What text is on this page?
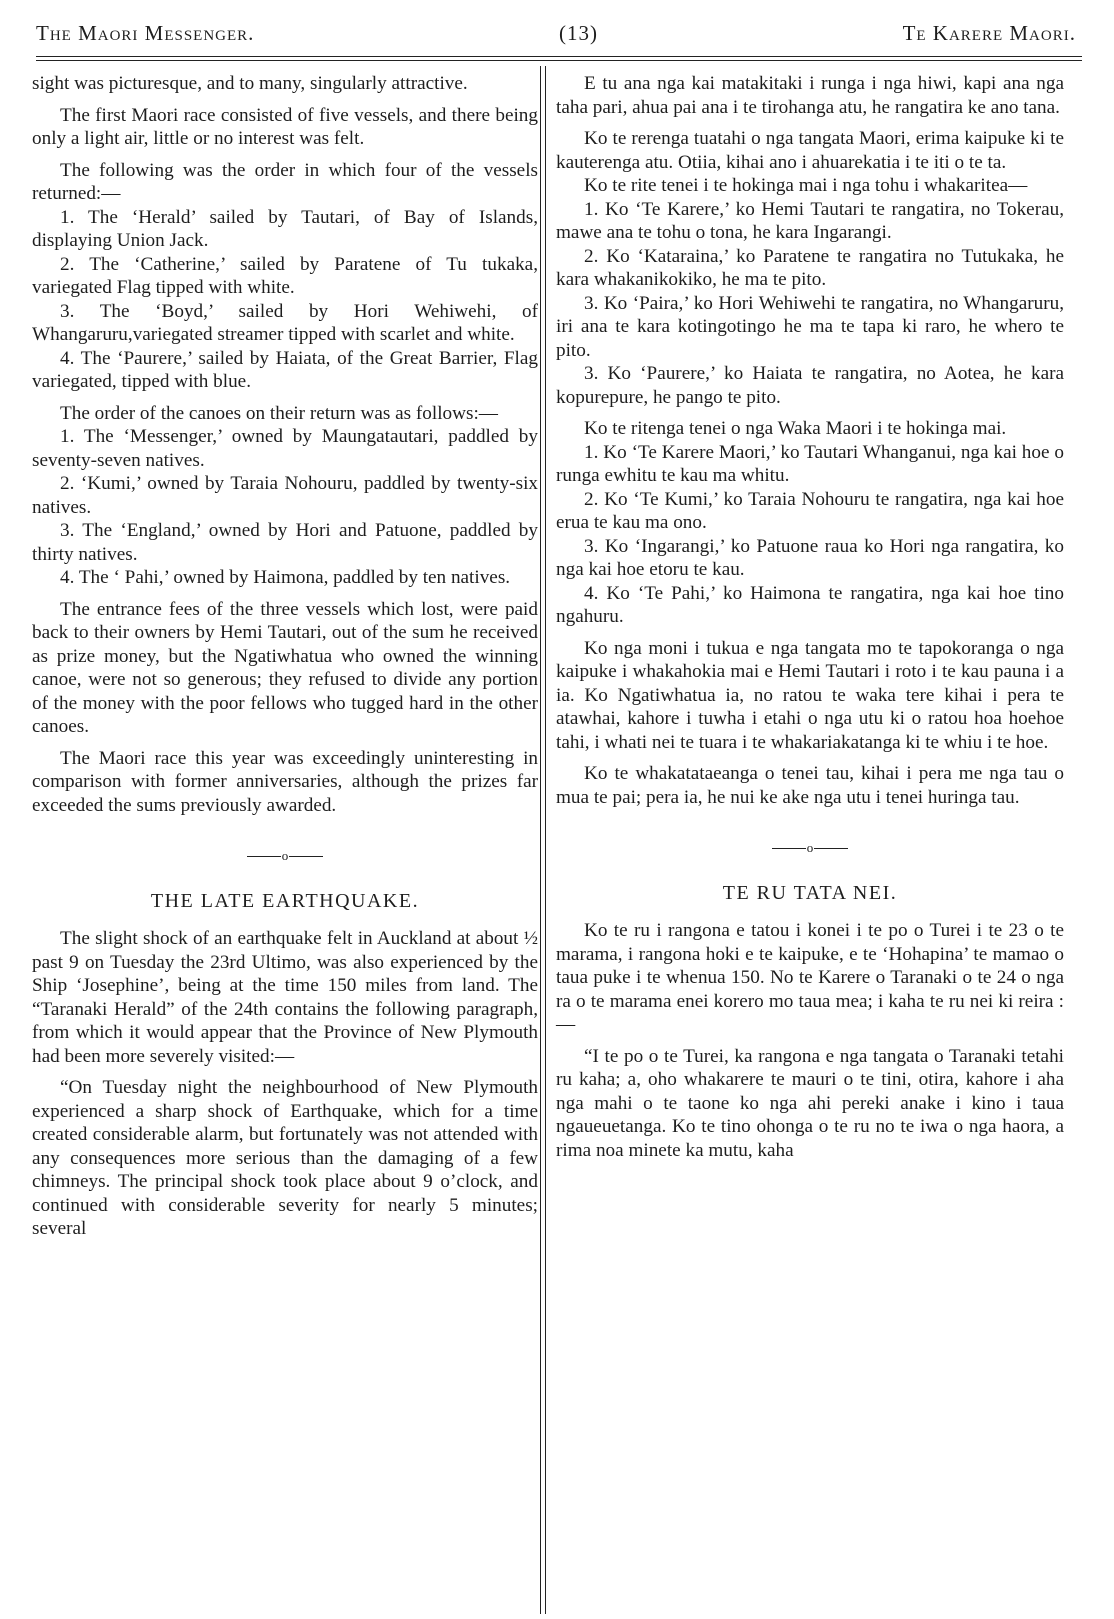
The Maori Messenger.	(13)	Te Karere Maori.

sight was picturesque, and to many, singularly attractive.

The first Maori race consisted of five vessels, and there being only a light air, little or no interest was felt.

The following was the order in which four of the vessels returned:—

1. The ‘Herald’ sailed by Tautari, of Bay of Islands, displaying Union Jack.
2. The ‘Catherine,’ sailed by Paratene of Tu tukaka, variegated Flag tipped with white.
3. The ‘Boyd,’ sailed by Hori Wehiwehi, of Whangaruru,variegated streamer tipped with scarlet and white.
4. The ‘Paurere,’ sailed by Haiata, of the Great Barrier, Flag variegated, tipped with blue.

The order of the canoes on their return was as follows:—

1. The ‘Messenger,’ owned by Maungatautari, paddled by seventy-seven natives.
2. ‘Kumi,’ owned by Taraia Nohouru, paddled by twenty-six natives.
3. The ‘England,’ owned by Hori and Patuone, paddled by thirty natives.
4. The ‘ Pahi,’ owned by Haimona, paddled by ten natives.

The entrance fees of the three vessels which lost, were paid back to their owners by Hemi Tautari, out of the sum he received as prize money, but the Ngatiwhatua who owned the winning canoe, were not so generous; they refused to divide any portion of the money with the poor fellows who tugged hard in the other canoes.

The Maori race this year was exceedingly uninteresting in comparison with former anniversaries, although the prizes far exceeded the sums previously awarded.

o
THE LATE EARTHQUAKE.

The slight shock of an earthquake felt in Auckland at about ½ past 9 on Tuesday the 23rd Ultimo, was also experienced by the Ship ‘Josephine’, being at the time 150 miles from land. The “Taranaki Herald” of the 24th contains the following paragraph, from which it would appear that the Province of New Plymouth had been more severely visited:—

“On Tuesday night the neighbourhood of New Plymouth experienced a sharp shock of Earthquake, which for a time created considerable alarm, but fortunately was not attended with any consequences more serious than the damaging of a few chimneys. The principal shock took place about 9 o’clock, and continued with considerable severity for nearly 5 minutes; several

E tu ana nga kai matakitaki i runga i nga hiwi, kapi ana nga taha pari, ahua pai ana i te tirohanga atu, he rangatira ke ano tana.

Ko te rerenga tuatahi o nga tangata Maori, erima kaipuke ki te kauterenga atu. Otiia, kihai ano i ahuarekatia i te iti o te ta.

Ko te rite tenei i te hokinga mai i nga tohu i whakaritea—

1. Ko ‘Te Karere,’ ko Hemi Tautari te rangatira, no Tokerau, mawe ana te tohu o tona, he kara Ingarangi.
2. Ko ‘Kataraina,’ ko Paratene te rangatira no Tutukaka, he kara whakanikokiko, he ma te pito.
3. Ko ‘Paira,’ ko Hori Wehiwehi te rangatira, no Whangaruru, iri ana te kara kotingotingo he ma te tapa ki raro, he whero te pito.
3. Ko ‘Paurere,’ ko Haiata te rangatira, no Aotea, he kara kopurepure, he pango te pito.

Ko te ritenga tenei o nga Waka Maori i te hokinga mai.

1. Ko ‘Te Karere Maori,’ ko Tautari Whanganui, nga kai hoe o runga ewhitu te kau ma whitu.
2. Ko ‘Te Kumi,’ ko Taraia Nohouru te rangatira, nga kai hoe erua te kau ma ono.
3. Ko ‘Ingarangi,’ ko Patuone raua ko Hori nga rangatira, ko nga kai hoe etoru te kau.
4. Ko ‘Te Pahi,’ ko Haimona te rangatira, nga kai hoe tino ngahuru.

Ko nga moni i tukua e nga tangata mo te tapokoranga o nga kaipuke i whakahokia mai e Hemi Tautari i roto i te kau pauna i a ia. Ko Ngatiwhatua ia, no ratou te waka tere kihai i pera te atawhai, kahore i tuwha i etahi o nga utu ki o ratou hoa hoehoe tahi, i whati nei te tuara i te whakariakatanga ki te whiu i te hoe.

Ko te whakatataeanga o tenei tau, kihai i pera me nga tau o mua te pai; pera ia, he nui ke ake nga utu i tenei huringa tau.

o
TE RU TATA NEI.

Ko te ru i rangona e tatou i konei i te po o Turei i te 23 o te marama, i rangona hoki e te kaipuke, e te ‘Hohapina’ te mamao o taua puke i te whenua 150. No te Karere o Taranaki o te 24 o nga ra o te marama enei korero mo taua mea; i kaha te ru nei ki reira :—

“I te po o te Turei, ka rangona e nga tangata o Taranaki tetahi ru kaha; a, oho whakarere te mauri o te tini, otira, kahore i aha nga mahi o te taone ko nga ahi pereki anake i kino i taua ngaueuetanga. Ko te tino ohonga o te ru no te iwa o nga haora, a rima noa minete ka mutu, kaha
